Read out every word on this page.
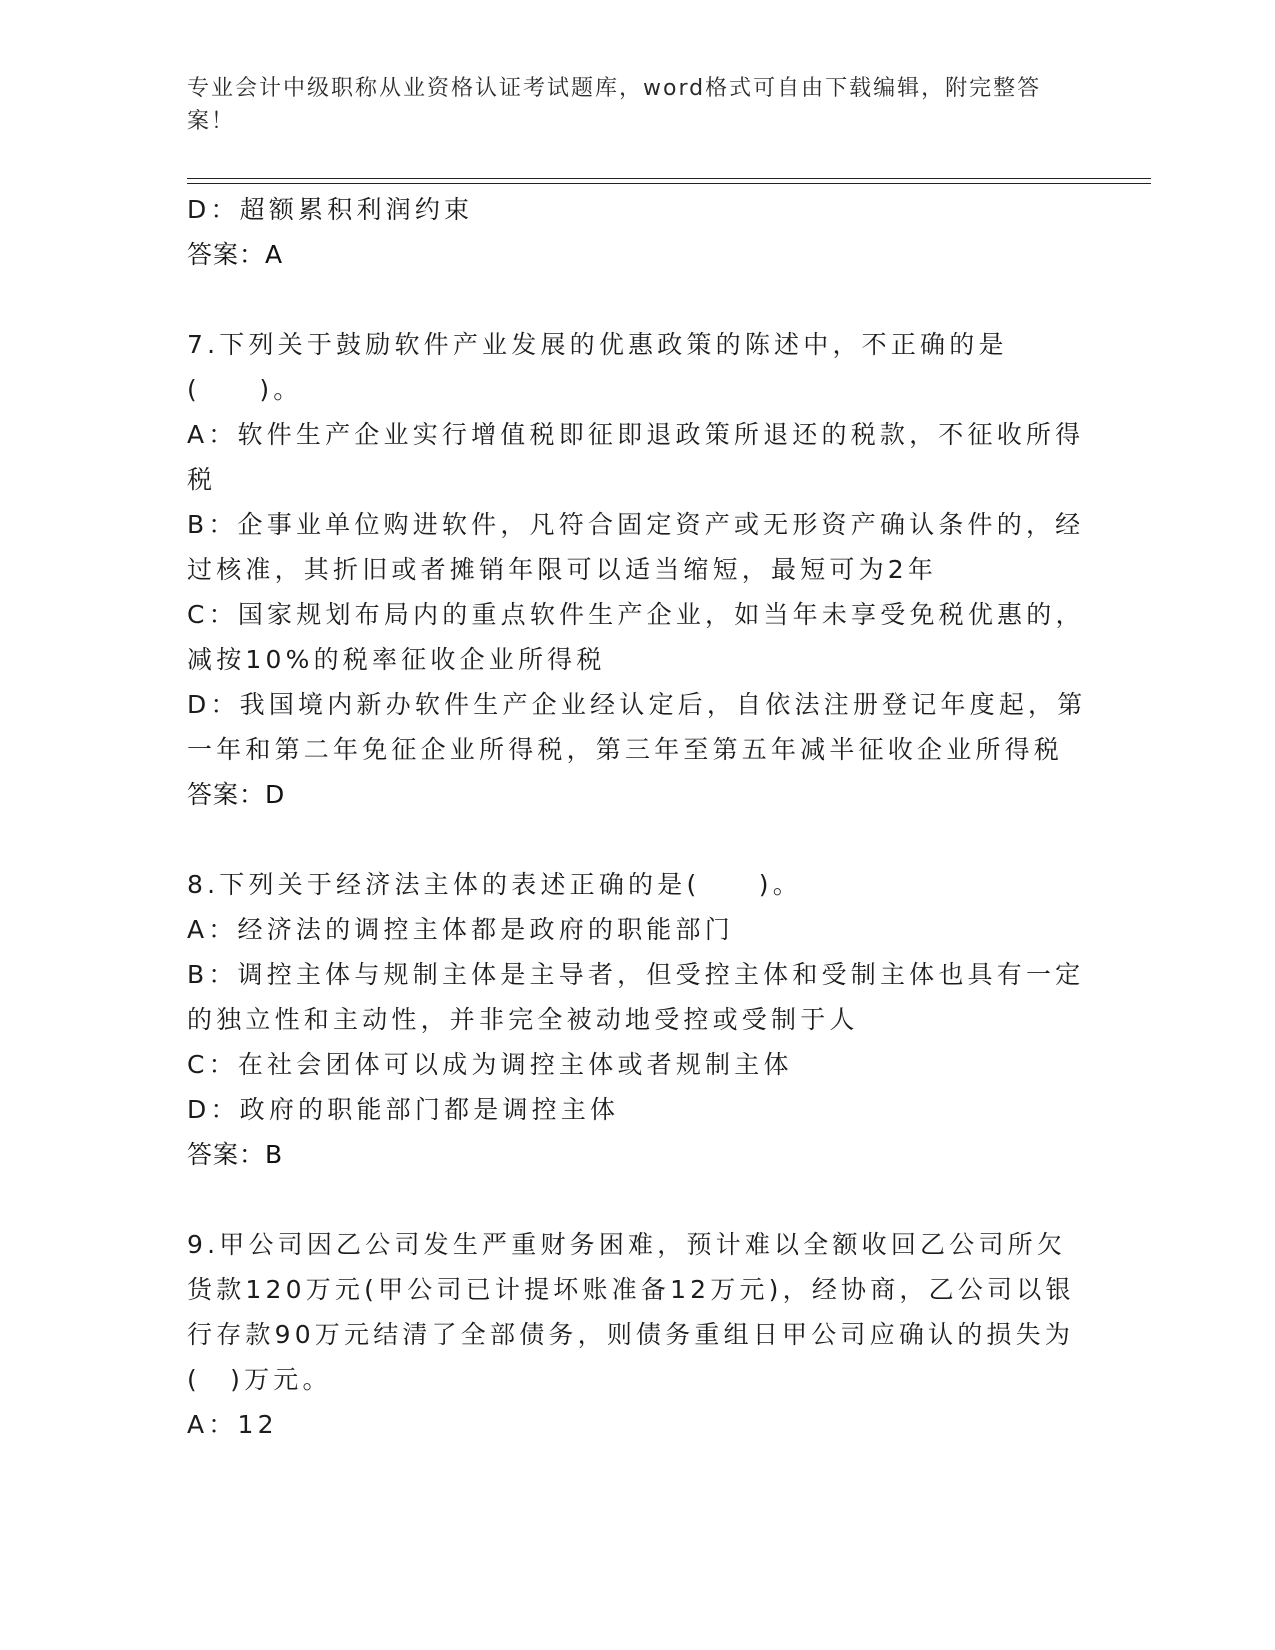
专业会计中级职称从业资格认证考试题库，word格式可自由下载编辑，附完整答案！
D：超额累积利润约束
答案：A
7.下列关于鼓励软件产业发展的优惠政策的陈述中，不正确的是(　　)。
A：软件生产企业实行增值税即征即退政策所退还的税款，不征收所得税
B：企事业单位购进软件，凡符合固定资产或无形资产确认条件的，经过核准，其折旧或者摊销年限可以适当缩短，最短可为2年
C：国家规划布局内的重点软件生产企业，如当年未享受免税优惠的，减按10%的税率征收企业所得税
D：我国境内新办软件生产企业经认定后，自依法注册登记年度起，第一年和第二年免征企业所得税，第三年至第五年减半征收企业所得税
答案：D
8.下列关于经济法主体的表述正确的是(　　)。
A：经济法的调控主体都是政府的职能部门
B：调控主体与规制主体是主导者，但受控主体和受制主体也具有一定的独立性和主动性，并非完全被动地受控或受制于人
C：在社会团体可以成为调控主体或者规制主体
D：政府的职能部门都是调控主体
答案：B
9.甲公司因乙公司发生严重财务困难，预计难以全额收回乙公司所欠货款120万元(甲公司已计提坏账准备12万元)，经协商，乙公司以银行存款90万元结清了全部债务，则债务重组日甲公司应确认的损失为(　)万元。
A：12
